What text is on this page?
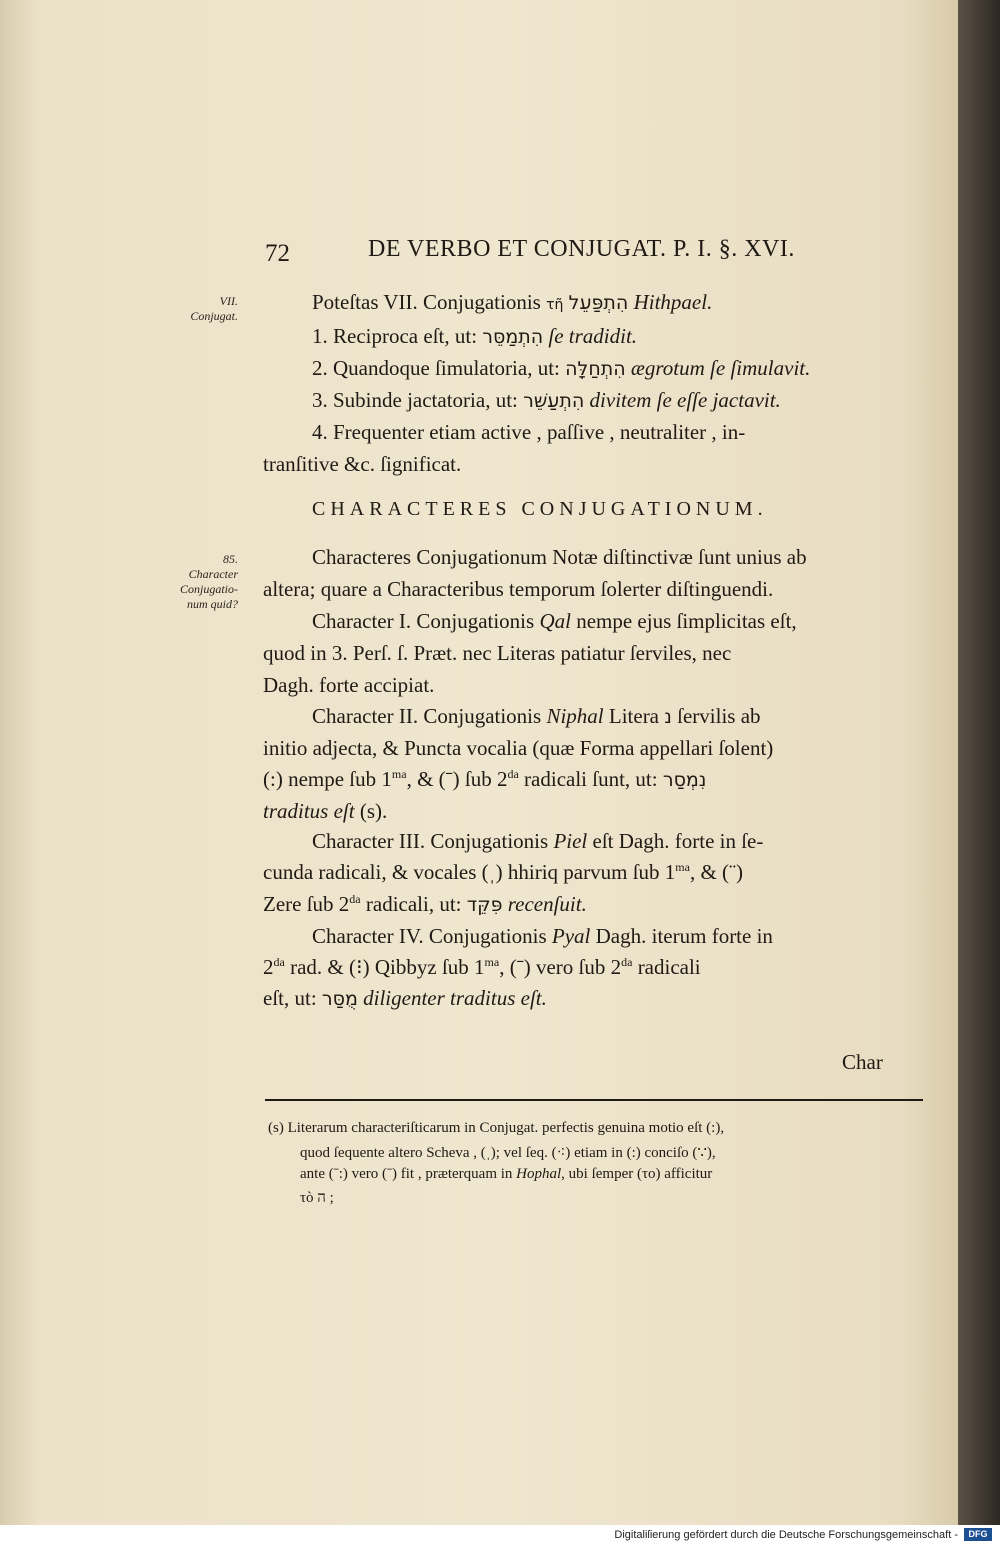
72	DE VERBO ET CONJUGAT. P. I. §. XVI.
VII.
Conjugat.
85.
Character
Conjugatio-
num quid?
Poteſtas VII. Conjugationis τῆ הִתְפַּעֵל Hithpael.
1. Reciproca eſt, ut: הִתְמַסֵּר ſe tradidit.
2. Quandoque ſimulatoria, ut: הִתְחַלָּה ægrotum ſe ſimulavit.
3. Subinde jactatoria, ut: הִתְעַשֵּׁר divitem ſe eſſe jactavit.
4. Frequenter etiam active , paſſive , neutraliter , in-
tranſitive &c. ſignificat.
CHARACTERES CONJUGATIONUM.
Characteres Conjugationum Notæ diſtinctivæ ſunt unius ab
altera; quare a Characteribus temporum ſolerter diſtinguendi.
Character I. Conjugationis Qal nempe ejus ſimplicitas eſt,
quod in 3. Perſ. ſ. Præt. nec Literas patiatur ſerviles, nec
Dagh. forte accipiat.
Character II. Conjugationis Niphal Litera נ ſervilis ab
initio adjecta, & Puncta vocalia (quæ Forma appellari ſolent)
(:) nempe ſub $1^{ma}$, & (ˉ) ſub $2^{da}$ radicali ſunt, ut: נִמְסַר
traditus eſt (s).
Character III. Conjugationis Piel eſt Dagh. forte in ſe-
cunda radicali, & vocales (ˌ) hhiriq parvum ſub $1^{ma}$, & (¨)
Zere ſub $2^{da}$ radicali, ut: פִּקֵּד recenſuit.
Character IV. Conjugationis Pyal Dagh. iterum forte in
$2^{da}$ rad. & (⁝) Qibbyz ſub $1^{ma}$, (ˉ) vero ſub $2^{da}$ radicali
eſt, ut: מֻסַּר diligenter traditus eſt.
Char
(s) Literarum characteriſticarum in Conjugat. perfectis genuina motio eſt (:),
quod ſequente altero Scheva , (ˌ); vel ſeq. (⁖) etiam in (:) conciſo (∵),
ante (ˉ:) vero (ˉ) fit , præterquam in Hophal, ubi ſemper (τo) afficitur
τò ה ;
Digitaliſierung gefördert durch die Deutsche Forschungsgemeinschaft -	DFG
